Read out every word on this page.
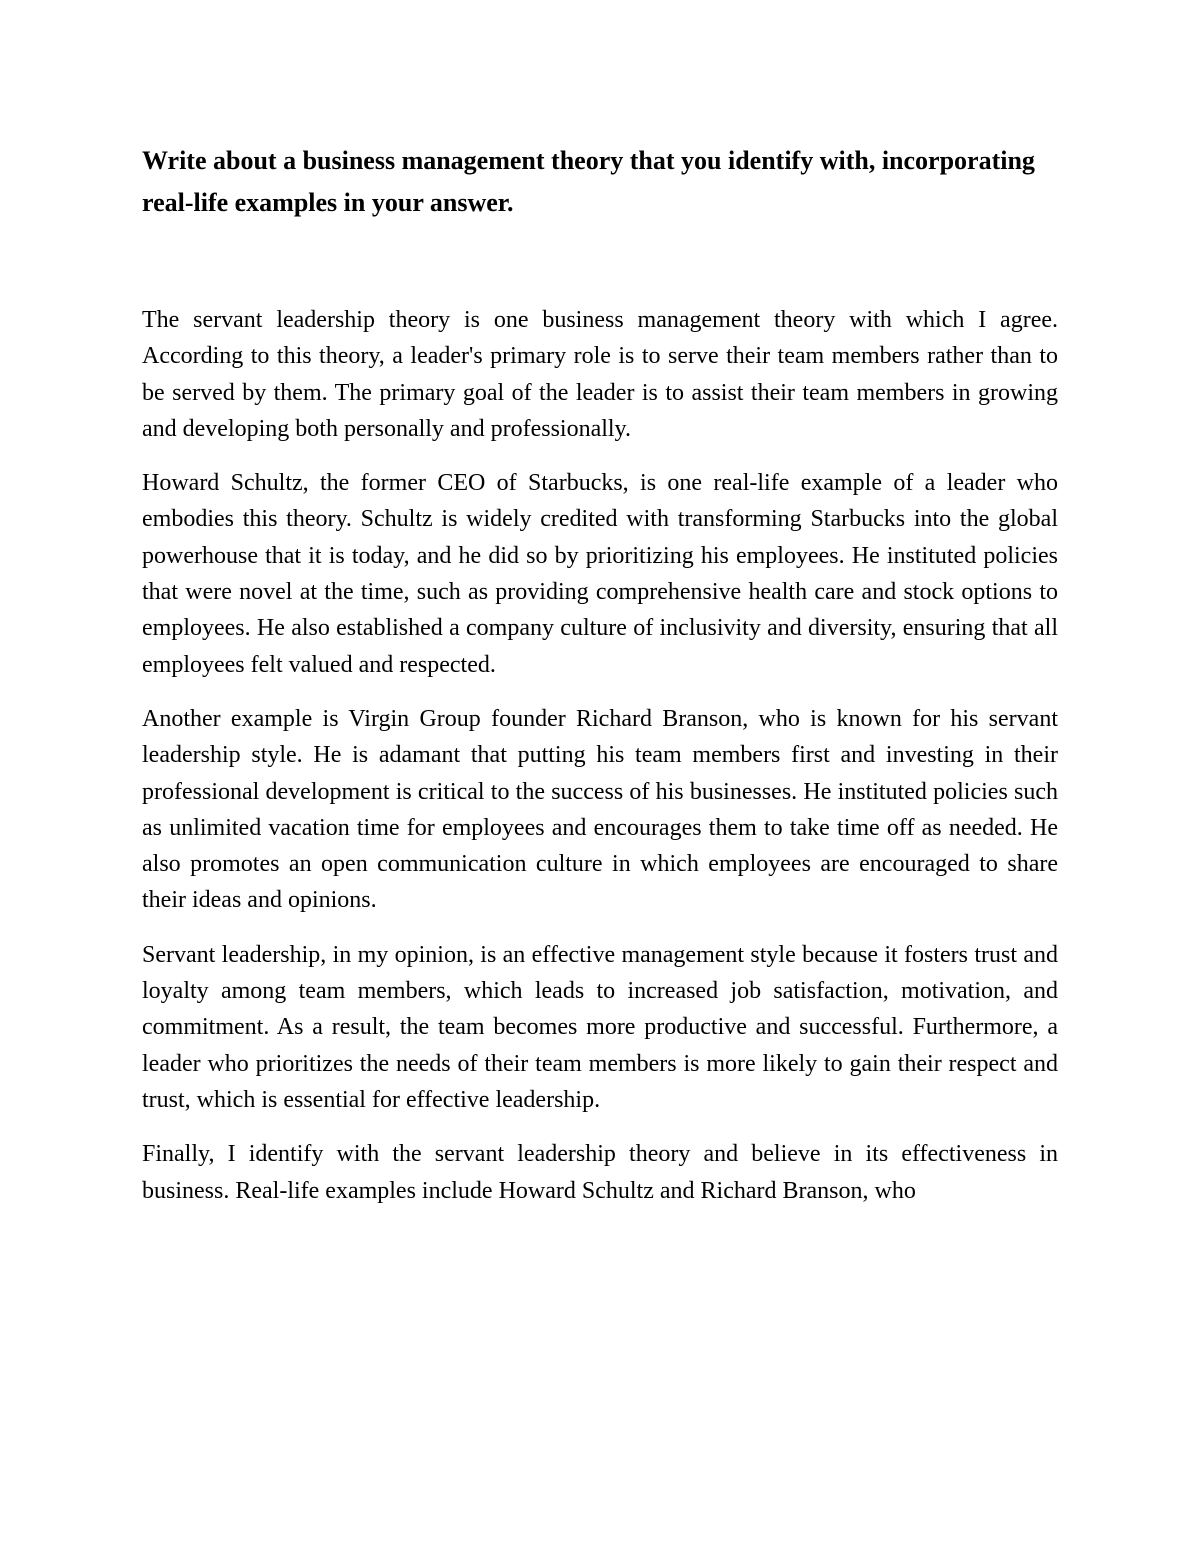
Write about a business management theory that you identify with, incorporating real-life examples in your answer.

The servant leadership theory is one business management theory with which I agree. According to this theory, a leader's primary role is to serve their team members rather than to be served by them. The primary goal of the leader is to assist their team members in growing and developing both personally and professionally.

Howard Schultz, the former CEO of Starbucks, is one real-life example of a leader who embodies this theory. Schultz is widely credited with transforming Starbucks into the global powerhouse that it is today, and he did so by prioritizing his employees. He instituted policies that were novel at the time, such as providing comprehensive health care and stock options to employees. He also established a company culture of inclusivity and diversity, ensuring that all employees felt valued and respected.

Another example is Virgin Group founder Richard Branson, who is known for his servant leadership style. He is adamant that putting his team members first and investing in their professional development is critical to the success of his businesses. He instituted policies such as unlimited vacation time for employees and encourages them to take time off as needed. He also promotes an open communication culture in which employees are encouraged to share their ideas and opinions.

Servant leadership, in my opinion, is an effective management style because it fosters trust and loyalty among team members, which leads to increased job satisfaction, motivation, and commitment. As a result, the team becomes more productive and successful. Furthermore, a leader who prioritizes the needs of their team members is more likely to gain their respect and trust, which is essential for effective leadership.

Finally, I identify with the servant leadership theory and believe in its effectiveness in business. Real-life examples include Howard Schultz and Richard Branson, who
